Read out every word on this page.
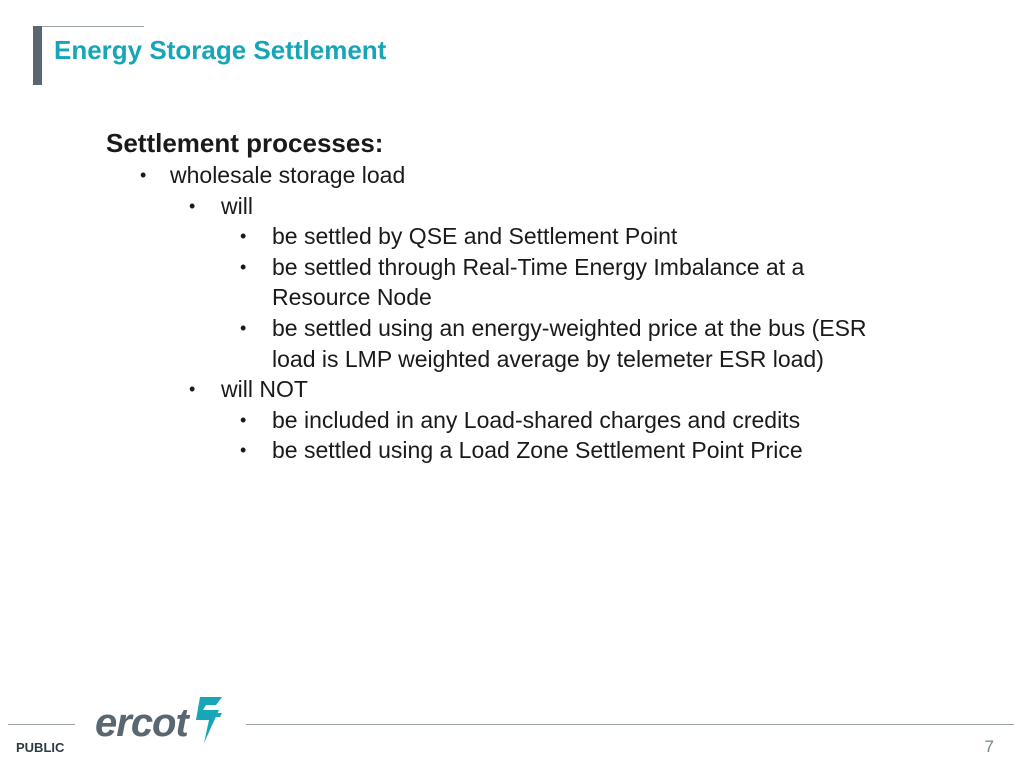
Energy Storage Settlement

Settlement processes:

• wholesale storage load
• will
• be settled by QSE and Settlement Point
• be settled through Real-Time Energy Imbalance at a Resource Node
• be settled using an energy-weighted price at the bus (ESR load is LMP weighted average by telemeter ESR load)
• will NOT
• be included in any Load-shared charges and credits
• be settled using a Load Zone Settlement Point Price
ercot
PUBLIC	7
